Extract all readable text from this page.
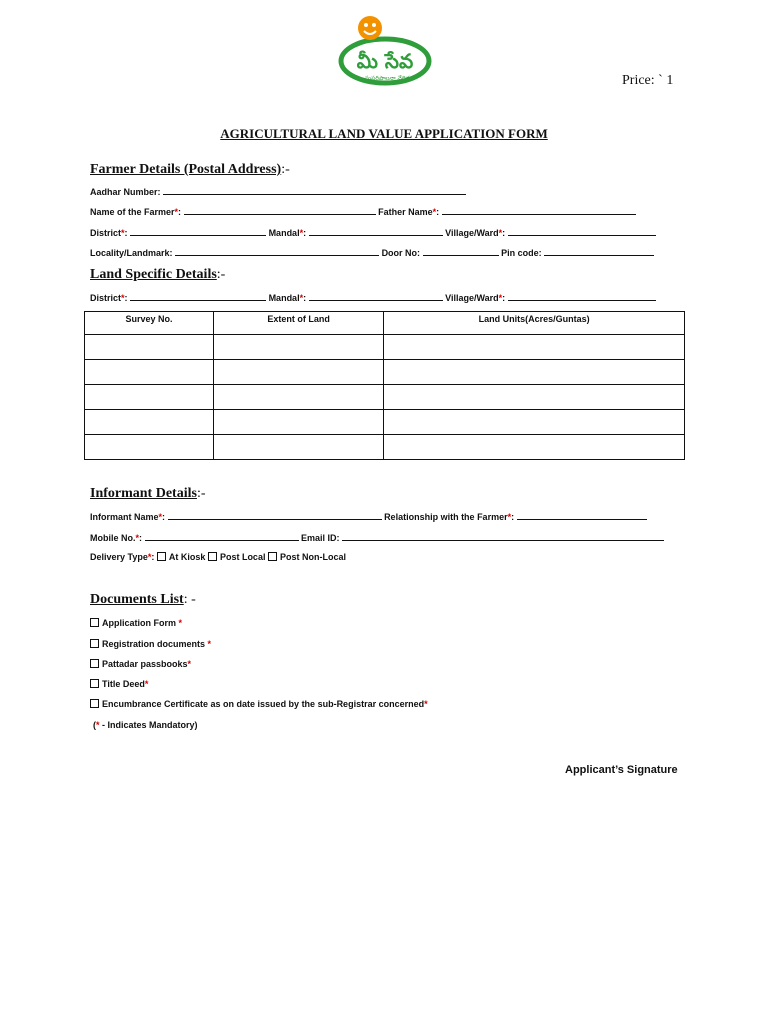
మీ సేవ
సుపరిపాలనా వేదిక	Price: ` 1
AGRICULTURAL LAND VALUE APPLICATION FORM
Farmer Details (Postal Address):-
Aadhar Number:
Name of the Farmer*:	Father Name*:
District*:	Mandal*:	Village/Ward*:
Locality/Landmark:	Door No:	Pin code:
Land Specific Details:-
District*:	Mandal*:	Village/Ward*:
Survey No.	Extent of Land	Land Units(Acres/Guntas)

Informant Details:-
Informant Name*:	Relationship with the Farmer*:
Mobile No.*:	Email ID:
Delivery Type*: At Kiosk Post Local Post Non-Local
Documents List: -
Application Form *
Registration documents *
Pattadar passbooks*
Title Deed*
Encumbrance Certificate as on date issued by the sub-Registrar concerned*
(* - Indicates Mandatory)
Applicant’s Signature
